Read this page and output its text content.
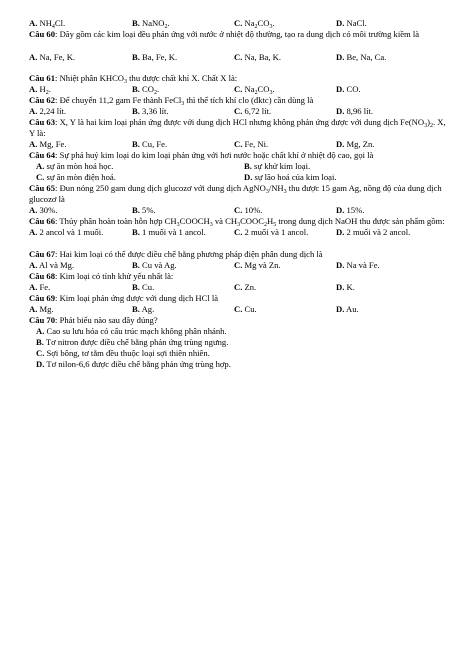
A. $NH_4Cl$.	B. NaNO$_2$.	C. $Na_2CO_3$.	D. NaCl.

Câu 60: Dãy gồm các kim loại đều phản ứng với nước ở nhiệt độ thường, tạo ra dung dịch có môi trường kiềm là

A. Na, Fe, K.	B. Ba, Fe, K.	C. Na, Ba, K.	D. Be, Na, Ca.

Câu 61: Nhiệt phân $KHCO_3$ thu được chất khí X. Chất X là:

A. $H_2$.	B. $CO_2$.	C. $Na_2CO_3$.	D. CO.

Câu 62: Để chuyển 11,2 gam Fe thành FeCl$_3$ thì thể tích khí clo (đktc) cần dùng là

A. 2,24 lít.	B. 3,36 lít.	C. 6,72 lít.	D. 8,96 lít.

Câu 63: X, Y là hai kim loại phản ứng được với dung dịch HCl nhưng không phản ứng được với dung dịch $Fe(NO_3)_2$. X, Y là:

A. Mg, Fe.	B. Cu, Fe.	C. Fe, Ni.	D. Mg, Zn.

Câu 64: Sự phá huỷ kim loại do kim loại phản ứng với hơi nước hoặc chất khí ở nhiệt độ cao, gọi là

A. sự ăn mòn hoá học.	B. sự khử kim loại.
C. sự ăn mòn điện hoá.	D. sự lão hoá của kim loại.

Câu 65: Đun nóng 250 gam dung dịch glucozơ với dung dịch $AgNO_3/NH_3$ thu được 15 gam Ag, nồng độ của dung dịch glucozơ là

A. 30%.	B. 5%.	C. 10%.	D. 15%.

Câu 66: Thủy phân hoàn toàn hỗn hợp $CH_3COOCH_3$ và $CH_3COOC_2H_5$ trong dung dịch NaOH thu được sản phẩm gồm:

A. 2 ancol và 1 muối.	B. 1 muối và 1 ancol.	C. 2 muối và 1 ancol.	D. 2 muối và 2 ancol.

Câu 67: Hai kim loại có thể được điều chế bằng phương pháp điện phân dung dịch là

A. Al và Mg.	B. Cu và Ag.	C. Mg và Zn.	D. Na và Fe.

Câu 68: Kim loại có tính khử yếu nhất là:

A. Fe.	B. Cu.	C. Zn.	D. K.

Câu 69: Kim loại phản ứng được với dung dịch HCl là

A. Mg.	B. Ag.	C. Cu.	D. Au.

Câu 70: Phát biểu nào sau đây đúng?

A. Cao su lưu hóa có cấu trúc mạch không phân nhánh.
B. Tơ nitron được điều chế bằng phản ứng trùng ngưng.
C. Sợi bông, tơ tằm đều thuộc loại sợi thiên nhiên.
D. Tơ nilon-6,6 được điều chế bằng phản ứng trùng hợp.
